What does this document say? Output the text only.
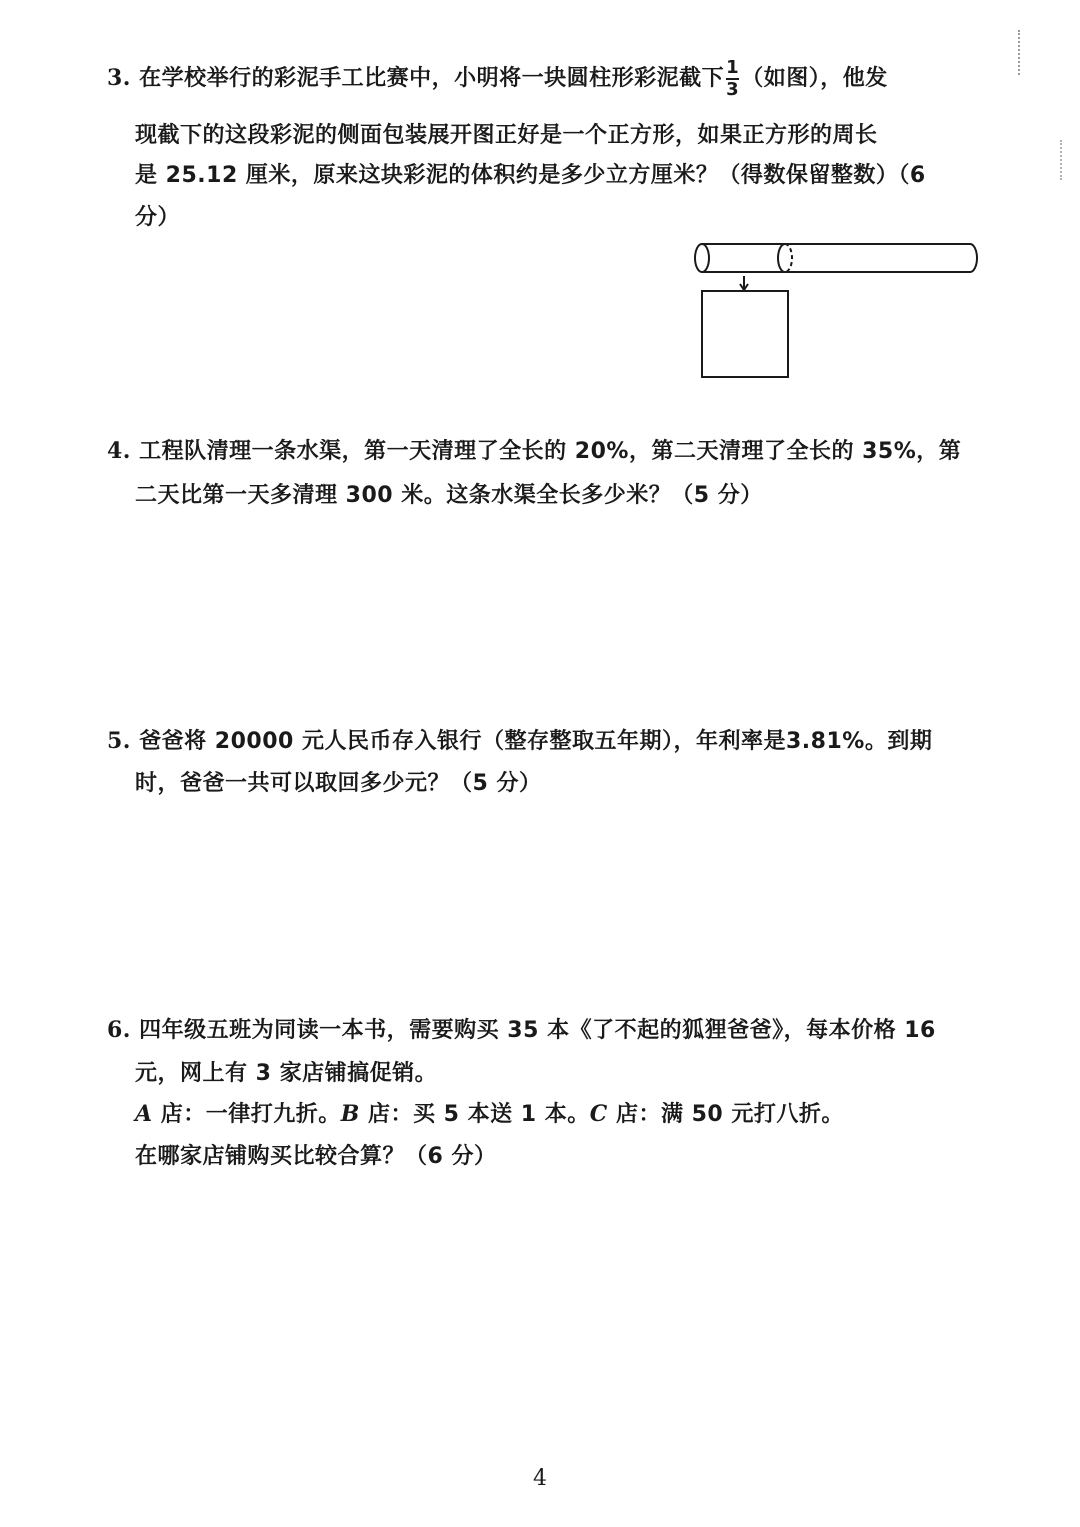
3. 在学校举行的彩泥手工比赛中，小明将一块圆柱形彩泥截下 $\frac{1}{3}$ （如图），他发
现截下的这段彩泥的侧面包装展开图正好是一个正方形，如果正方形的周长
是 25.12 厘米，原来这块彩泥的体积约是多少立方厘米？（得数保留整数）（6
分）
4. 工程队清理一条水渠，第一天清理了全长的 20%，第二天清理了全长的 35%，第
二天比第一天多清理 300 米。这条水渠全长多少米？（5 分）
5. 爸爸将 20000 元人民币存入银行（整存整取五年期），年利率是3.81%。到期
时，爸爸一共可以取回多少元？（5 分）
6. 四年级五班为同读一本书，需要购买 35 本《了不起的狐狸爸爸》，每本价格 16
元，网上有 3 家店铺搞促销。
A 店：一律打九折。B 店：买 5 本送 1 本。C 店：满 50 元打八折。
在哪家店铺购买比较合算？（6 分）
4
